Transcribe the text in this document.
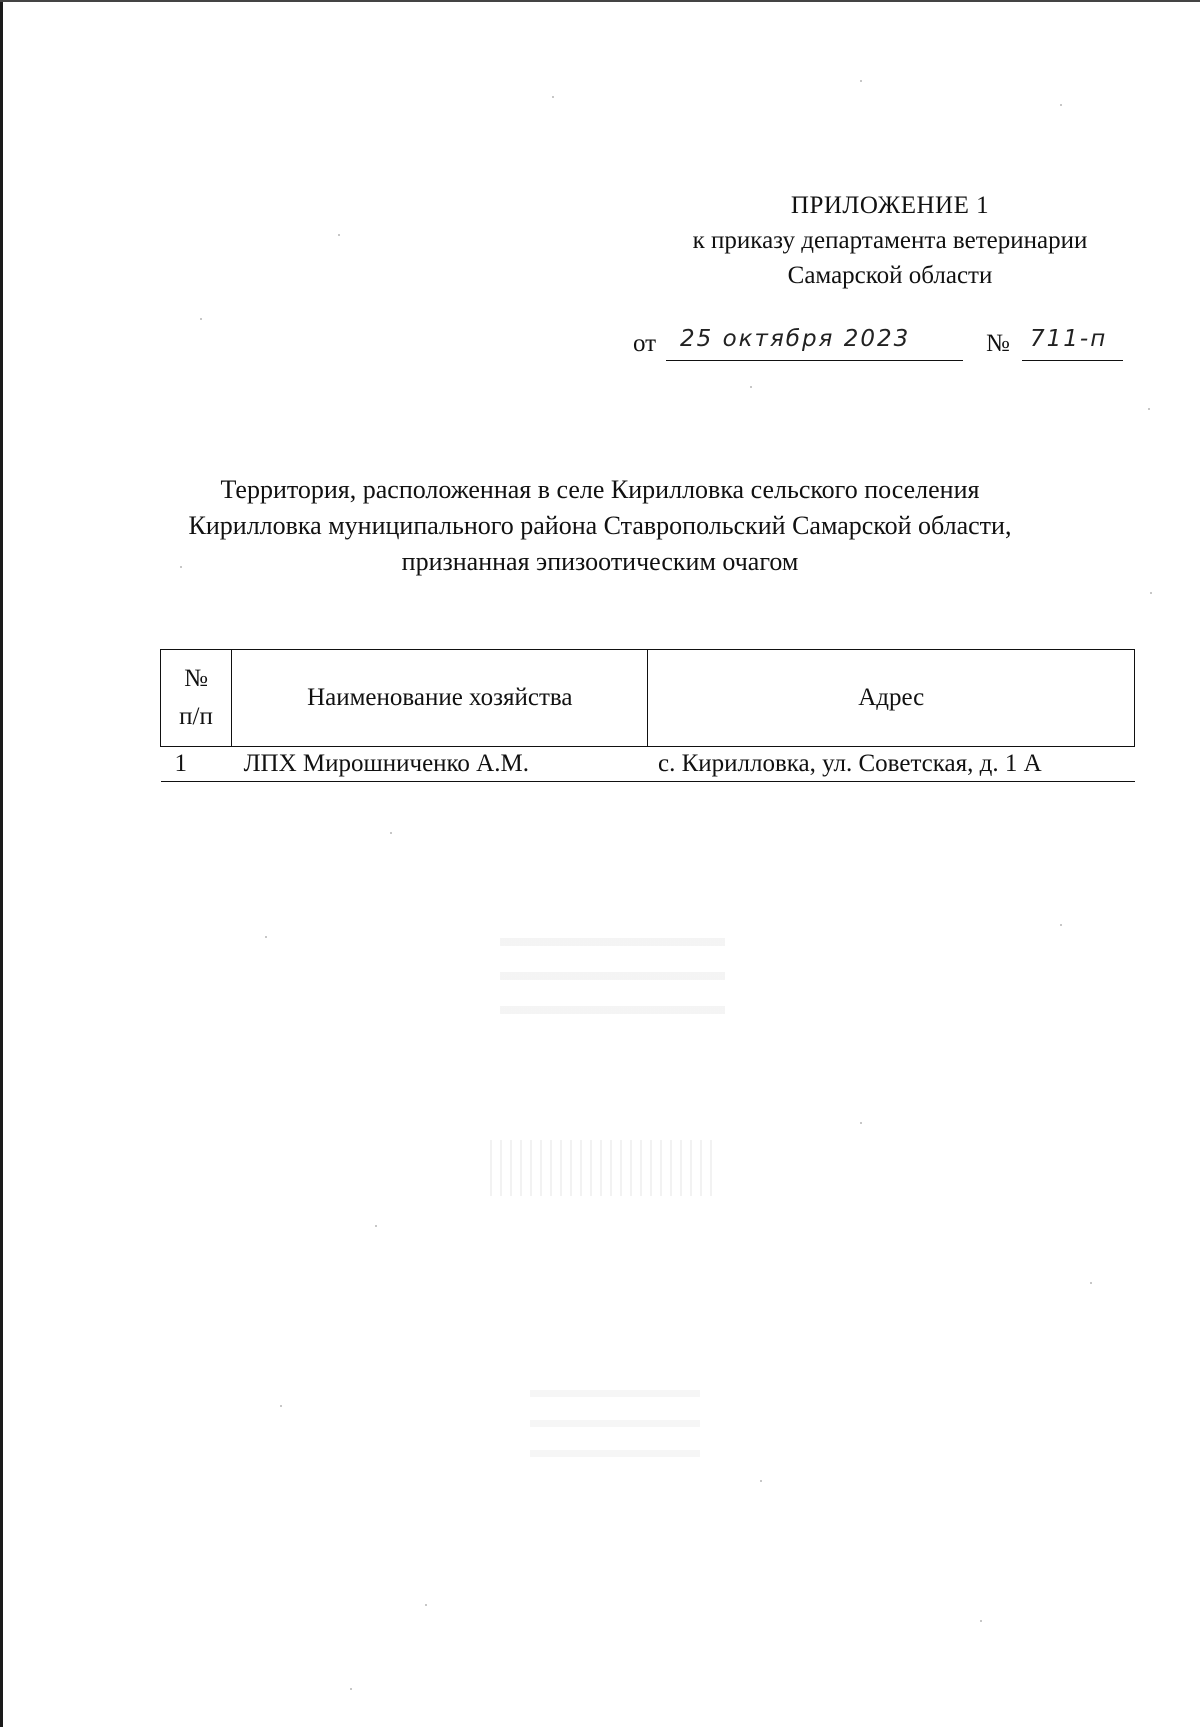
ПРИЛОЖЕНИЕ 1
к приказу департамента ветеринарии
Самарской области
от 25 октября 2023	№ 711-п
Территория, расположенная в селе Кирилловка сельского поселения
Кирилловка муниципального района Ставропольский Самарской области,
признанная эпизоотическим очагом
№
п/п	Наименование хозяйства	Адрес
1	ЛПХ Мирошниченко А.М.	с. Кирилловка, ул. Советская, д. 1 А
